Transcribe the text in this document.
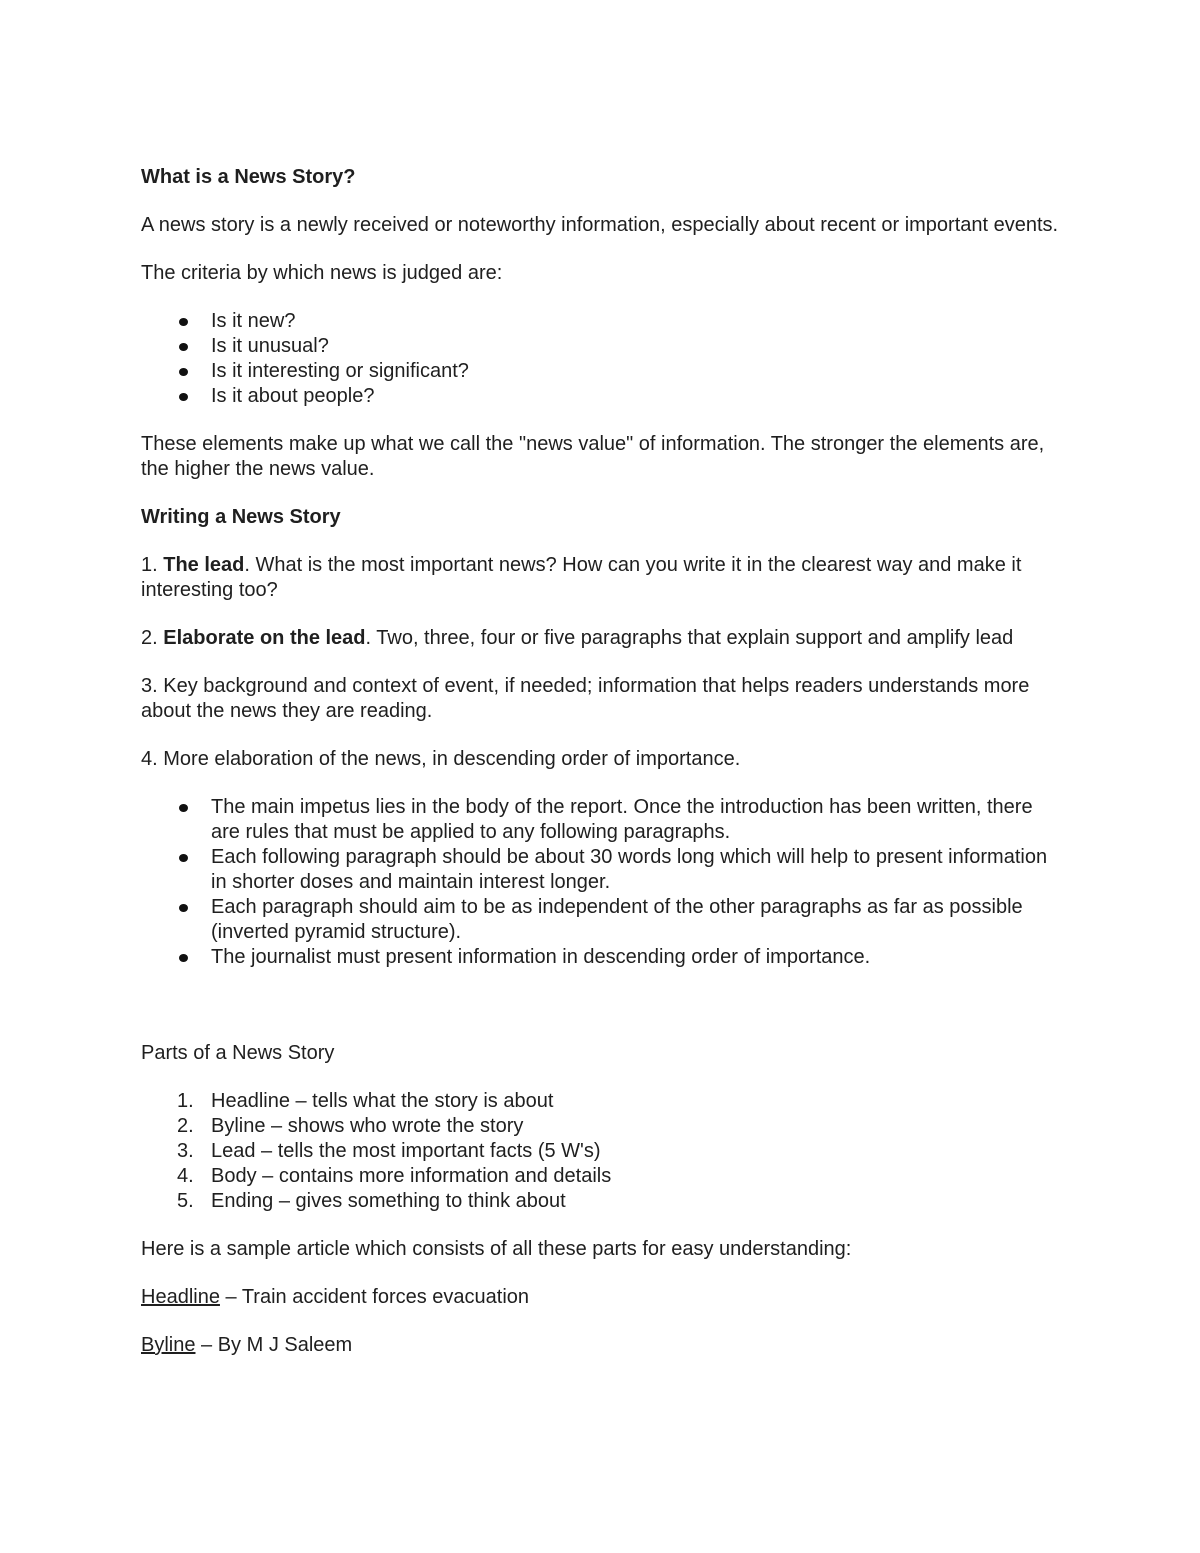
What is a News Story?

A news story is a newly received or noteworthy information, especially about recent or important events.

The criteria by which news is judged are:

Is it new?
Is it unusual?
Is it interesting or significant?
Is it about people?

These elements make up what we call the "news value" of information. The stronger the elements are, the higher the news value.

Writing a News Story

1. The lead. What is the most important news? How can you write it in the clearest way and make it interesting too?

2. Elaborate on the lead. Two, three, four or five paragraphs that explain support and amplify lead

3. Key background and context of event, if needed; information that helps readers understands more about the news they are reading.

4. More elaboration of the news, in descending order of importance.

The main impetus lies in the body of the report. Once the introduction has been written, there are rules that must be applied to any following paragraphs.
Each following paragraph should be about 30 words long which will help to present information in shorter doses and maintain interest longer.
Each paragraph should aim to be as independent of the other paragraphs as far as possible (inverted pyramid structure).
The journalist must present information in descending order of importance.

Parts of a News Story

1. Headline – tells what the story is about
2. Byline – shows who wrote the story
3. Lead – tells the most important facts (5 W's)
4. Body – contains more information and details
5. Ending – gives something to think about

Here is a sample article which consists of all these parts for easy understanding:

Headline – Train accident forces evacuation

Byline – By M J Saleem
